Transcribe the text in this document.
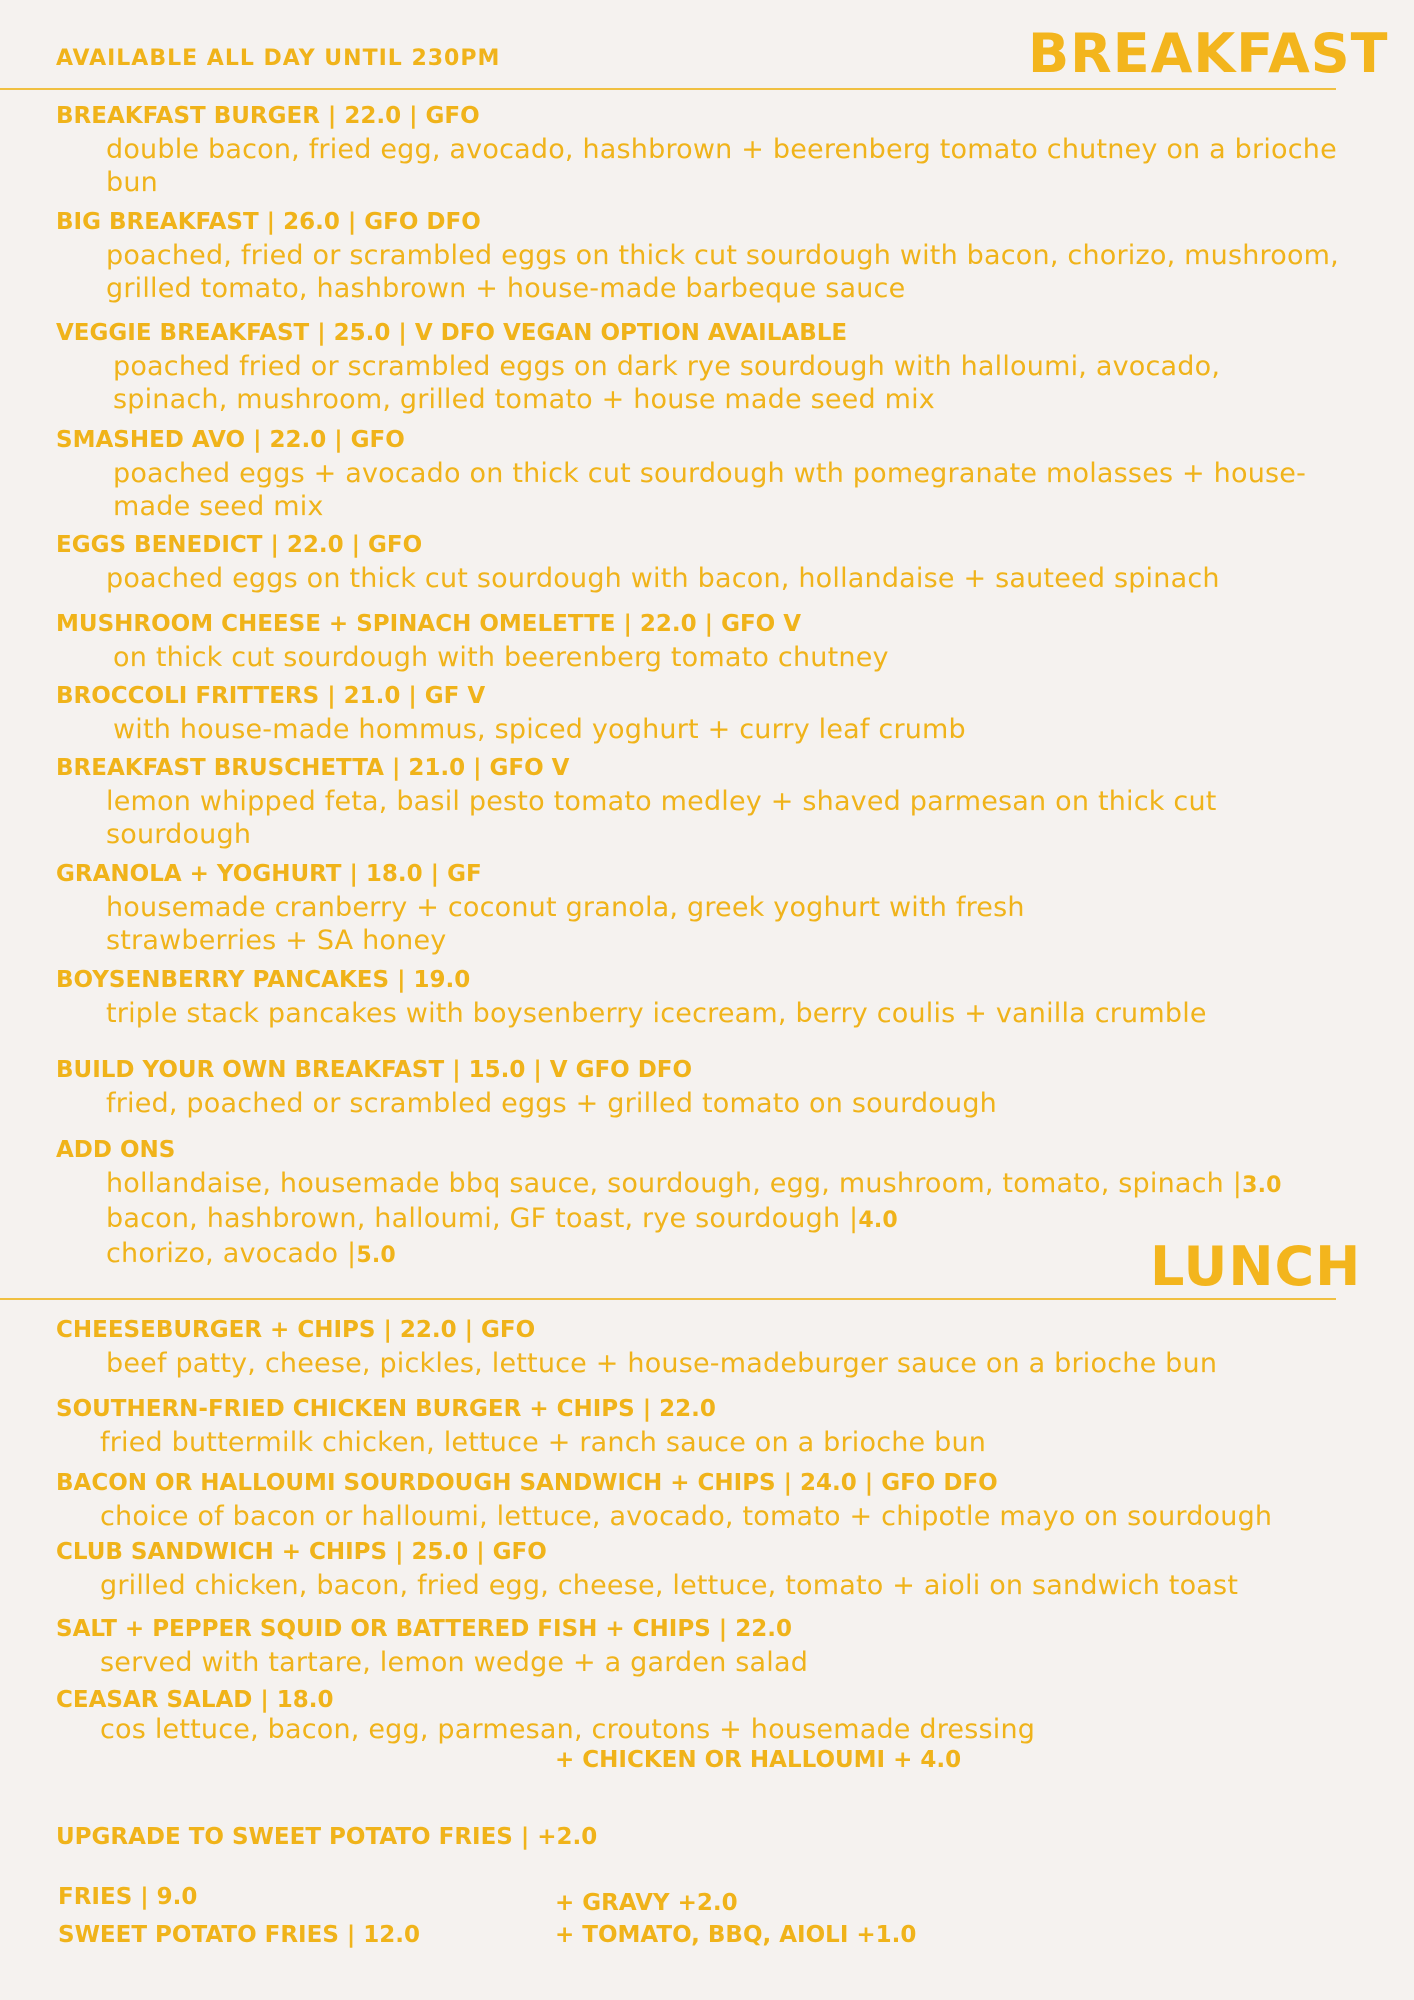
AVAILABLE ALL DAY UNTIL 230PM	BREAKFAST
BREAKFAST BURGER | 22.0 | GFO
double bacon, fried egg, avocado, hashbrown + beerenberg tomato chutney on a brioche bun
BIG BREAKFAST | 26.0 | GFO DFO
poached, fried or scrambled eggs on thick cut sourdough with bacon, chorizo, mushroom, grilled tomato, hashbrown + house-made barbeque sauce
VEGGIE BREAKFAST | 25.0 | V DFO VEGAN OPTION AVAILABLE
poached fried or scrambled eggs on dark rye sourdough with halloumi, avocado, spinach, mushroom, grilled tomato + house made seed mix
SMASHED AVO | 22.0 | GFO
poached eggs + avocado on thick cut sourdough wth pomegranate molasses + house-made seed mix
EGGS BENEDICT | 22.0 | GFO
poached eggs on thick cut sourdough with bacon, hollandaise + sauteed spinach
MUSHROOM CHEESE + SPINACH OMELETTE | 22.0 | GFO V
on thick cut sourdough with beerenberg tomato chutney
BROCCOLI FRITTERS | 21.0 | GF V
with house-made hommus, spiced yoghurt + curry leaf crumb
BREAKFAST BRUSCHETTA | 21.0 | GFO V
lemon whipped feta, basil pesto tomato medley + shaved parmesan on thick cut sourdough
GRANOLA + YOGHURT | 18.0 | GF
housemade cranberry + coconut granola, greek yoghurt with fresh strawberries + SA honey
BOYSENBERRY PANCAKES | 19.0
triple stack pancakes with boysenberry icecream, berry coulis + vanilla crumble
BUILD YOUR OWN BREAKFAST | 15.0 | V GFO DFO
fried, poached or scrambled eggs + grilled tomato on sourdough
ADD ONS
hollandaise, housemade bbq sauce, sourdough, egg, mushroom, tomato, spinach |3.0
bacon, hashbrown, halloumi, GF toast, rye sourdough |4.0
chorizo, avocado |5.0	LUNCH
CHEESEBURGER + CHIPS | 22.0 | GFO
beef patty, cheese, pickles, lettuce + house-madeburger sauce on a brioche bun
SOUTHERN-FRIED CHICKEN BURGER + CHIPS | 22.0
fried buttermilk chicken, lettuce + ranch sauce on a brioche bun
BACON OR HALLOUMI SOURDOUGH SANDWICH + CHIPS | 24.0 | GFO DFO
choice of bacon or halloumi, lettuce, avocado, tomato + chipotle mayo on sourdough
CLUB SANDWICH + CHIPS | 25.0 | GFO
grilled chicken, bacon, fried egg, cheese, lettuce, tomato + aioli on sandwich toast
SALT + PEPPER SQUID OR BATTERED FISH + CHIPS | 22.0
served with tartare, lemon wedge + a garden salad
CEASAR SALAD | 18.0
cos lettuce, bacon, egg, parmesan, croutons + housemade dressing
+ CHICKEN OR HALLOUMI + 4.0
UPGRADE TO SWEET POTATO FRIES | +2.0
FRIES | 9.0
SWEET POTATO FRIES | 12.0
+ GRAVY +2.0
+ TOMATO, BBQ, AIOLI +1.0
